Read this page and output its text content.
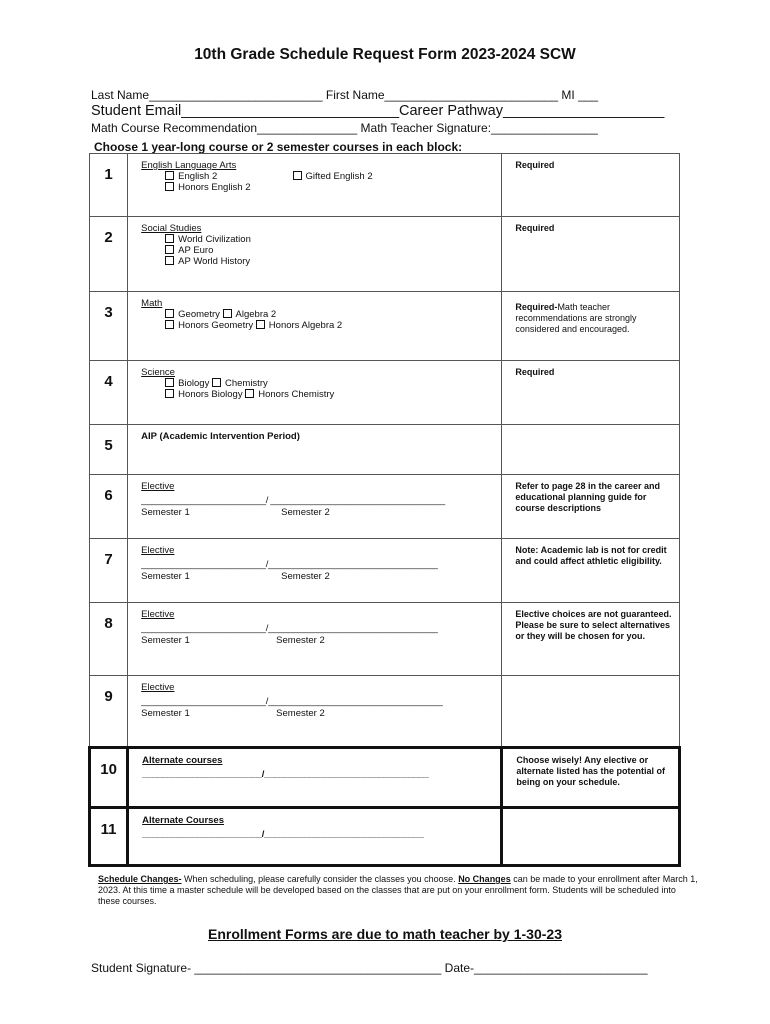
10th Grade Schedule Request Form 2023-2024 SCW
Last Name__________________________ First Name__________________________ MI ___
Student Email___________________________Career Pathway____________________
Math Course Recommendation_______________ Math Teacher Signature:________________
Choose 1 year-long course or 2 semester courses in each block:
1	English Language Arts
English 2 Gifted English 2
Honors English 2	Required
2	Social Studies
World Civilization
AP Euro
AP World History	Required
3	Math
Geometry Algebra 2
Honors Geometry Honors Algebra 2	Required-Math teacher recommendations are strongly considered and encouraged.
4	Science
Biology Chemistry
Honors Biology Honors Chemistry	Required
5	AIP (Academic Intervention Period)	

6	Elective
_________________________/ ___________________________________
Semester 1 Semester 2	Refer to page 28 in the career and educational planning guide for course descriptions
7	Elective
_________________________/__________________________________
Semester 1 Semester 2	Note: Academic lab is not for credit and could affect athletic eligibility.
8	Elective
_________________________/__________________________________
Semester 1 Semester 2	Elective choices are not guaranteed. Please be sure to select alternatives or they will be chosen for you.
9	Elective
_________________________/___________________________________
Semester 1 Semester 2	

10	Alternate courses
________________________/_________________________________	Choose wisely! Any elective or alternate listed has the potential of being on your schedule.
11	Alternate Courses
________________________/________________________________	

Schedule Changes- When scheduling, please carefully consider the classes you choose. No Changes can be made to your enrollment after March 1, 2023. At this time a master schedule will be developed based on the classes that are put on your enrollment form. Students will be scheduled into these courses.
Enrollment Forms are due to math teacher by 1-30-23
Student Signature- _____________________________________ Date-__________________________
